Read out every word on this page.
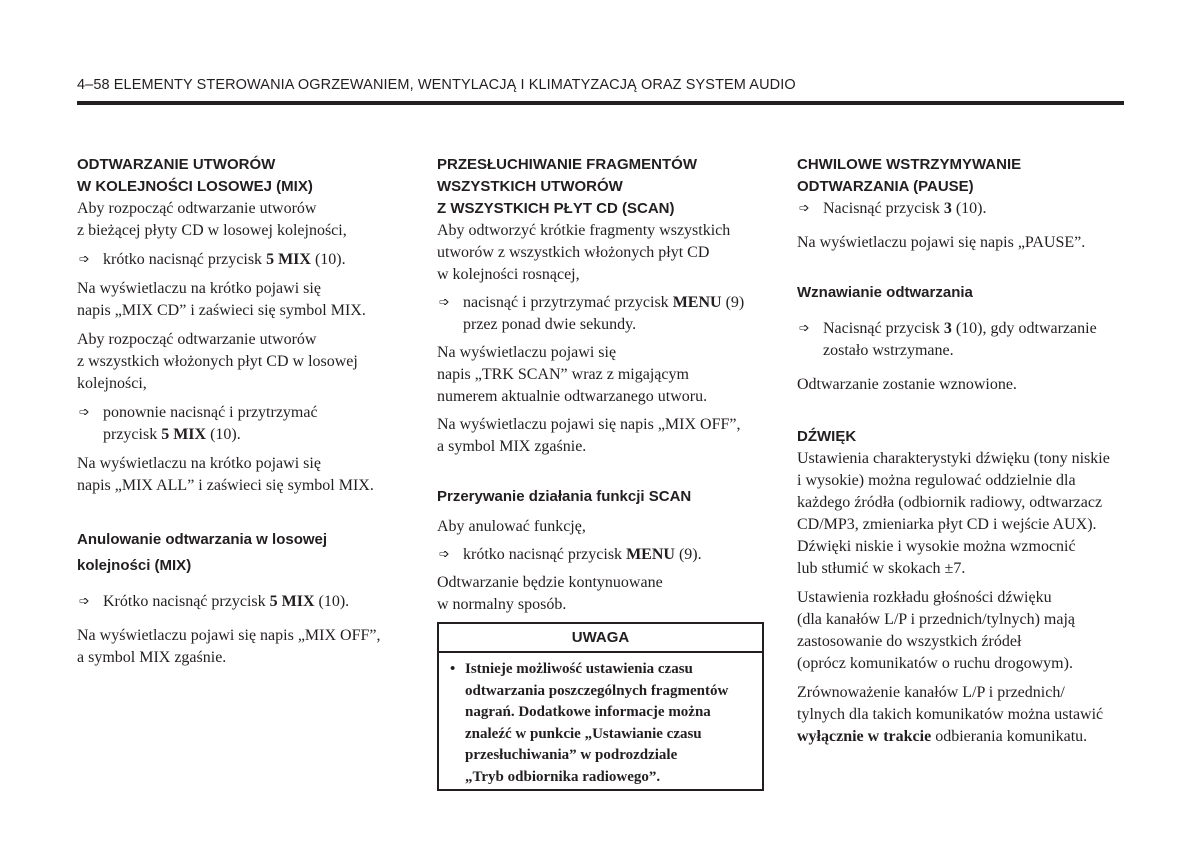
4–58 ELEMENTY STEROWANIA OGRZEWANIEM, WENTYLACJĄ I KLIMATYZACJĄ ORAZ SYSTEM AUDIO
ODTWARZANIE UTWORÓW
W KOLEJNOŚCI LOSOWEJ (MIX)
Aby rozpocząć odtwarzanie utworów
z bieżącej płyty CD w losowej kolejności,
➩ krótko nacisnąć przycisk 5 MIX (10).
Na wyświetlaczu na krótko pojawi się
napis „MIX CD” i zaświeci się symbol MIX.
Aby rozpocząć odtwarzanie utworów
z wszystkich włożonych płyt CD w losowej
kolejności,
➩ ponownie nacisnąć i przytrzymać
przycisk 5 MIX (10).
Na wyświetlaczu na krótko pojawi się
napis „MIX ALL” i zaświeci się symbol MIX.
Anulowanie odtwarzania w losowej
kolejności (MIX)
➩ Krótko nacisnąć przycisk 5 MIX (10).
Na wyświetlaczu pojawi się napis „MIX OFF”,
a symbol MIX zgaśnie.
PRZESŁUCHIWANIE FRAGMENTÓW
WSZYSTKICH UTWORÓW
Z WSZYSTKICH PŁYT CD (SCAN)
Aby odtworzyć krótkie fragmenty wszystkich
utworów z wszystkich włożonych płyt CD
w kolejności rosnącej,
➩ nacisnąć i przytrzymać przycisk MENU (9)
przez ponad dwie sekundy.
Na wyświetlaczu pojawi się
napis „TRK SCAN” wraz z migającym
numerem aktualnie odtwarzanego utworu.
Na wyświetlaczu pojawi się napis „MIX OFF”,
a symbol MIX zgaśnie.
Przerywanie działania funkcji SCAN
Aby anulować funkcję,
➩ krótko nacisnąć przycisk MENU (9).
Odtwarzanie będzie kontynuowane
w normalny sposób.
UWAGA
• Istnieje możliwość ustawienia czasu
odtwarzania poszczególnych fragmentów
nagrań. Dodatkowe informacje można
znaleźć w punkcie „Ustawianie czasu
przesłuchiwania” w podrozdziale
„Tryb odbiornika radiowego”.
CHWILOWE WSTRZYMYWANIE
ODTWARZANIA (PAUSE)
➩ Nacisnąć przycisk 3 (10).
Na wyświetlaczu pojawi się napis „PAUSE”.
Wznawianie odtwarzania
➩ Nacisnąć przycisk 3 (10), gdy odtwarzanie
zostało wstrzymane.
Odtwarzanie zostanie wznowione.
DŹWIĘK
Ustawienia charakterystyki dźwięku (tony niskie
i wysokie) można regulować oddzielnie dla
każdego źródła (odbiornik radiowy, odtwarzacz
CD/MP3, zmieniarka płyt CD i wejście AUX).
Dźwięki niskie i wysokie można wzmocnić
lub stłumić w skokach ±7.
Ustawienia rozkładu głośności dźwięku
(dla kanałów L/P i przednich/tylnych) mają
zastosowanie do wszystkich źródeł
(oprócz komunikatów o ruchu drogowym).
Zrównoważenie kanałów L/P i przednich/
tylnych dla takich komunikatów można ustawić
wyłącznie w trakcie odbierania komunikatu.
